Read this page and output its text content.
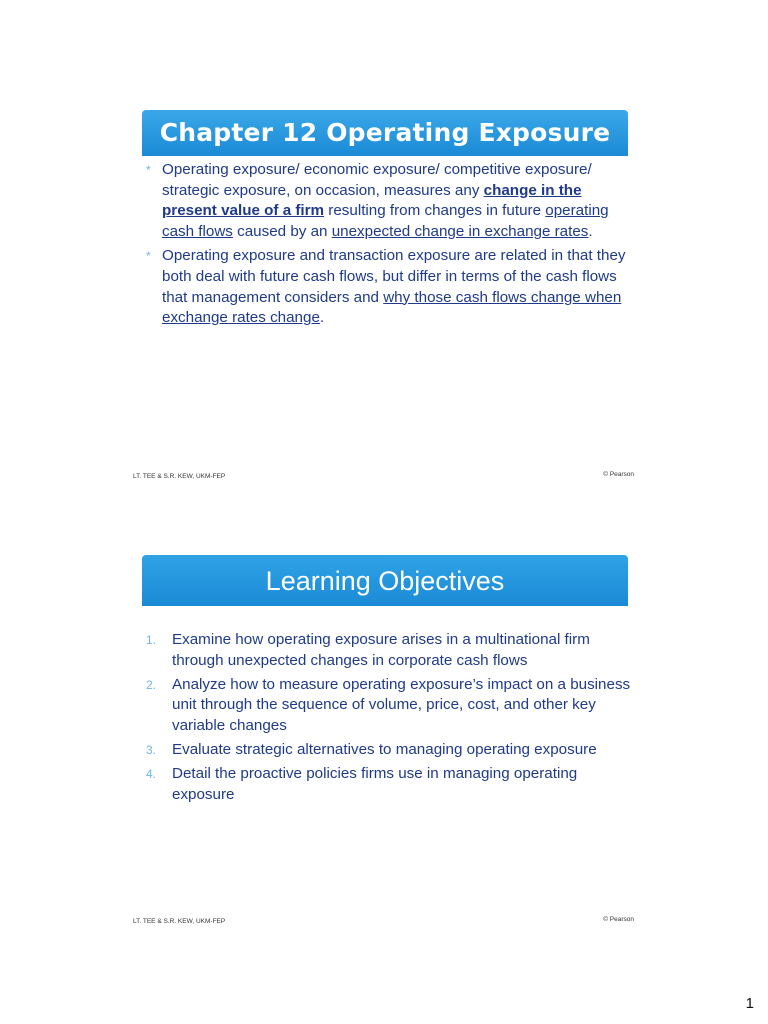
Chapter 12 Operating Exposure
* Operating exposure/ economic exposure/ competitive exposure/ strategic exposure, on occasion, measures any change in the present value of a firm resulting from changes in future operating cash flows caused by an unexpected change in exchange rates.
* Operating exposure and transaction exposure are related in that they both deal with future cash flows, but differ in terms of the cash flows that management considers and why those cash flows change when exchange rates change.
LT. TEE & S.R. KEW, UKM-FEP	© Pearson
Learning Objectives
1. Examine how operating exposure arises in a multinational firm through unexpected changes in corporate cash flows
2. Analyze how to measure operating exposure’s impact on a business unit through the sequence of volume, price, cost, and other key variable changes
3. Evaluate strategic alternatives to managing operating exposure
4. Detail the proactive policies firms use in managing operating exposure
LT. TEE & S.R. KEW, UKM-FEP	© Pearson
1
